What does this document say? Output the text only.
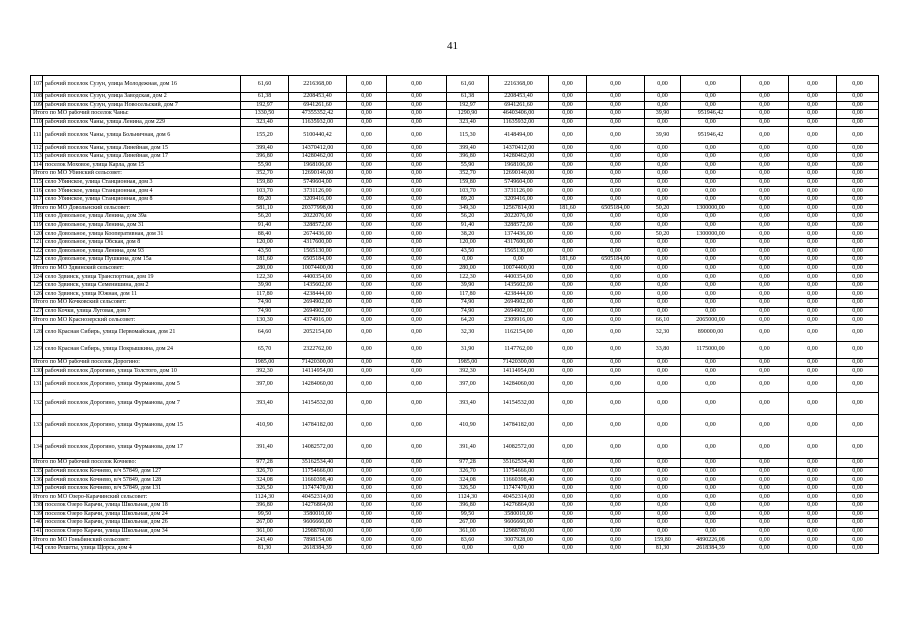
41
107	рабочий поселок Сузун, улица Молодежная, дом 16	61,60	2216368,00	0,00	0,00	61,60	2216368,00	0,00	0,00	0,00	0,00	0,00	0,00	0,00
108	рабочий поселок Сузун, улица Заводская, дом 2	61,38	2208453,40	0,00	0,00	61,38	2208453,40	0,00	0,00	0,00	0,00	0,00	0,00	0,00
109	рабочий поселок Сузун, улица Новосельский, дом 7	192,97	6941261,60	0,00	0,00	192,97	6941261,60	0,00	0,00	0,00	0,00	0,00	0,00	0,00
Итого по МО рабочий поселок Чаны:		1330,50	47355352,42	0,00	0,00	1290,90	46403406,00	0,00	0,00	39,90	951946,42	0,00	0,00	0,00
110	рабочий поселок Чаны, улица Ленина, дом 229	323,40	11635932,00	0,00	0,00	323,40	11635932,00	0,00	0,00	0,00	0,00	0,00	0,00	0,00
111	рабочий поселок Чаны, улица Больничная, дом 6	155,20	5100440,42	0,00	0,00	115,30	4148494,00	0,00	0,00	39,90	951946,42	0,00	0,00	0,00
112	рабочий поселок Чаны, улица Линейная, дом 15	399,40	14370412,00	0,00	0,00	399,40	14370412,00	0,00	0,00	0,00	0,00	0,00	0,00	0,00
113	рабочий поселок Чаны, улица Линейная, дом 17	396,80	14280462,00	0,00	0,00	396,80	14280462,00	0,00	0,00	0,00	0,00	0,00	0,00	0,00
114	поселок Моховое, улица Карла, дом 15	55,90	1968106,00	0,00	0,00	55,90	1968106,00	0,00	0,00	0,00	0,00	0,00	0,00	0,00
Итого по МО Убинский сельсовет:		352,70	12690146,00	0,00	0,00	352,70	12690146,00	0,00	0,00	0,00	0,00	0,00	0,00	0,00
115	село Убинское, улица Станционная, дом 3	159,80	5749604,00	0,00	0,00	159,80	5749604,00	0,00	0,00	0,00	0,00	0,00	0,00	0,00
116	село Убинское, улица Станционная, дом 4	103,70	3731126,00	0,00	0,00	103,70	3731126,00	0,00	0,00	0,00	0,00	0,00	0,00	0,00
117	село Убинское, улица Станционная, дом 8	89,20	3209416,00	0,00	0,00	89,20	3209416,00	0,00	0,00	0,00	0,00	0,00	0,00	0,00
Итого по МО Довольнский сельсовет:		581,10	20377998,00	0,00	0,00	349,30	12567814,00	181,60	6505184,00	50,20	1300000,00	0,00	0,00	0,00
118	село Довольное, улица Ленина, дом 39а	56,20	2022076,00	0,00	0,00	56,20	2022076,00	0,00	0,00	0,00	0,00	0,00	0,00	0,00
119	село Довольное, улица Ленина, дом 31	91,40	3288572,00	0,00	0,00	91,40	3288572,00	0,00	0,00	0,00	0,00	0,00	0,00	0,00
120	село Довольное, улица Кооперативная, дом 31	88,40	2674436,00	0,00	0,00	38,20	1374436,00	0,00	0,00	50,20	1300000,00	0,00	0,00	0,00
121	село Довольное, улица Обская, дом 8	120,00	4317600,00	0,00	0,00	120,00	4317600,00	0,00	0,00	0,00	0,00	0,00	0,00	0,00
122	село Довольное, улица Ленина, дом 93	43,50	1565130,00	0,00	0,00	43,50	1565130,00	0,00	0,00	0,00	0,00	0,00	0,00	0,00
123	село Довольное, улица Пушкина, дом 15а	181,60	6505184,00	0,00	0,00	0,00	0,00	181,60	6505184,00	0,00	0,00	0,00	0,00	0,00
Итого по МО Здвинский сельсовет:		280,00	10074400,00	0,00	0,00	280,00	10074400,00	0,00	0,00	0,00	0,00	0,00	0,00	0,00
124	село Здвинск, улица Транспортная, дом 19	122,30	4400354,00	0,00	0,00	122,30	4400354,00	0,00	0,00	0,00	0,00	0,00	0,00	0,00
125	село Здвинск, улица Семенишина, дом 2	39,90	1435602,00	0,00	0,00	39,90	1435602,00	0,00	0,00	0,00	0,00	0,00	0,00	0,00
126	село Здвинск, улица Южная, дом 11	117,80	4238444,00	0,00	0,00	117,80	4238444,00	0,00	0,00	0,00	0,00	0,00	0,00	0,00
Итого по МО Кочковский сельсовет:		74,90	2694902,00	0,00	0,00	74,90	2694902,00	0,00	0,00	0,00	0,00	0,00	0,00	0,00
127	село Кочки, улица Луговая, дом 7	74,90	2694902,00	0,00	0,00	74,90	2694902,00	0,00	0,00	0,00	0,00	0,00	0,00	0,00
Итого по МО Краснозерский сельсовет:		130,30	4374916,00	0,00	0,00	64,20	2309916,00	0,00	0,00	66,10	2065000,00	0,00	0,00	0,00
128	село Красная Сибирь, улица Первомайская, дом 21	64,60	2052154,00	0,00	0,00	32,30	1162154,00	0,00	0,00	32,30	890000,00	0,00	0,00	0,00
129	село Красная Сибирь, улица Покрышкина, дом 24	65,70	2322762,00	0,00	0,00	31,90	1147762,00	0,00	0,00	33,80	1175000,00	0,00	0,00	0,00
Итого по МО рабочий поселок Дорогино:		1985,00	71420300,00	0,00	0,00	1985,00	71420300,00	0,00	0,00	0,00	0,00	0,00	0,00	0,00
130	рабочий поселок Дорогино, улица Толстого, дом 10	392,30	14114954,00	0,00	0,00	392,30	14114954,00	0,00	0,00	0,00	0,00	0,00	0,00	0,00
131	рабочий поселок Дорогино, улица Фурманова, дом 5	397,00	14284060,00	0,00	0,00	397,00	14284060,00	0,00	0,00	0,00	0,00	0,00	0,00	0,00
132	рабочий поселок Дорогино, улица Фурманова, дом 7	393,40	14154532,00	0,00	0,00	393,40	14154532,00	0,00	0,00	0,00	0,00	0,00	0,00	0,00
133	рабочий поселок Дорогино, улица Фурманова, дом 15	410,90	14784182,00	0,00	0,00	410,90	14784182,00	0,00	0,00	0,00	0,00	0,00	0,00	0,00
134	рабочий поселок Дорогино, улица Фурманова, дом 17	391,40	14082572,00	0,00	0,00	391,40	14082572,00	0,00	0,00	0,00	0,00	0,00	0,00	0,00
Итого по МО рабочий поселок Кочнево:		977,28	35162534,40	0,00	0,00	977,28	35162534,40	0,00	0,00	0,00	0,00	0,00	0,00	0,00
135	рабочий поселок Кочнево, в/ч 57849, дом 127	326,70	11754666,00	0,00	0,00	326,70	11754666,00	0,00	0,00	0,00	0,00	0,00	0,00	0,00
136	рабочий поселок Кочнево, в/ч 57849, дом 128	324,08	11660398,40	0,00	0,00	324,08	11660398,40	0,00	0,00	0,00	0,00	0,00	0,00	0,00
137	рабочий поселок Кочнево, в/ч 57849, дом 131	326,50	11747470,00	0,00	0,00	326,50	11747470,00	0,00	0,00	0,00	0,00	0,00	0,00	0,00
Итого по МО Озеро-Карачинский сельсовет:		1124,30	40452314,00	0,00	0,00	1124,30	40452314,00	0,00	0,00	0,00	0,00	0,00	0,00	0,00
138	поселок Озеро Карачи, улица Школьная, дом 18	396,80	14276864,00	0,00	0,00	396,80	14276864,00	0,00	0,00	0,00	0,00	0,00	0,00	0,00
139	поселок Озеро Карачи, улица Школьная, дом 24	99,50	3580010,00	0,00	0,00	99,50	3580010,00	0,00	0,00	0,00	0,00	0,00	0,00	0,00
140	поселок Озеро Карачи, улица Школьная, дом 26	267,00	9606660,00	0,00	0,00	267,00	9606660,00	0,00	0,00	0,00	0,00	0,00	0,00	0,00
141	поселок Озеро Карачи, улица Школьная, дом 34	361,00	12988780,00	0,00	0,00	361,00	12988780,00	0,00	0,00	0,00	0,00	0,00	0,00	0,00
Итого по МО Гоньбинский сельсовет:		243,40	7898154,08	0,00	0,00	83,60	3007928,00	0,00	0,00	159,80	4890226,08	0,00	0,00	0,00
142	село Решеты, улица Щорса, дом 4	81,30	2618384,39	0,00	0,00	0,00	0,00	0,00	0,00	81,30	2618384,39	0,00	0,00	0,00
